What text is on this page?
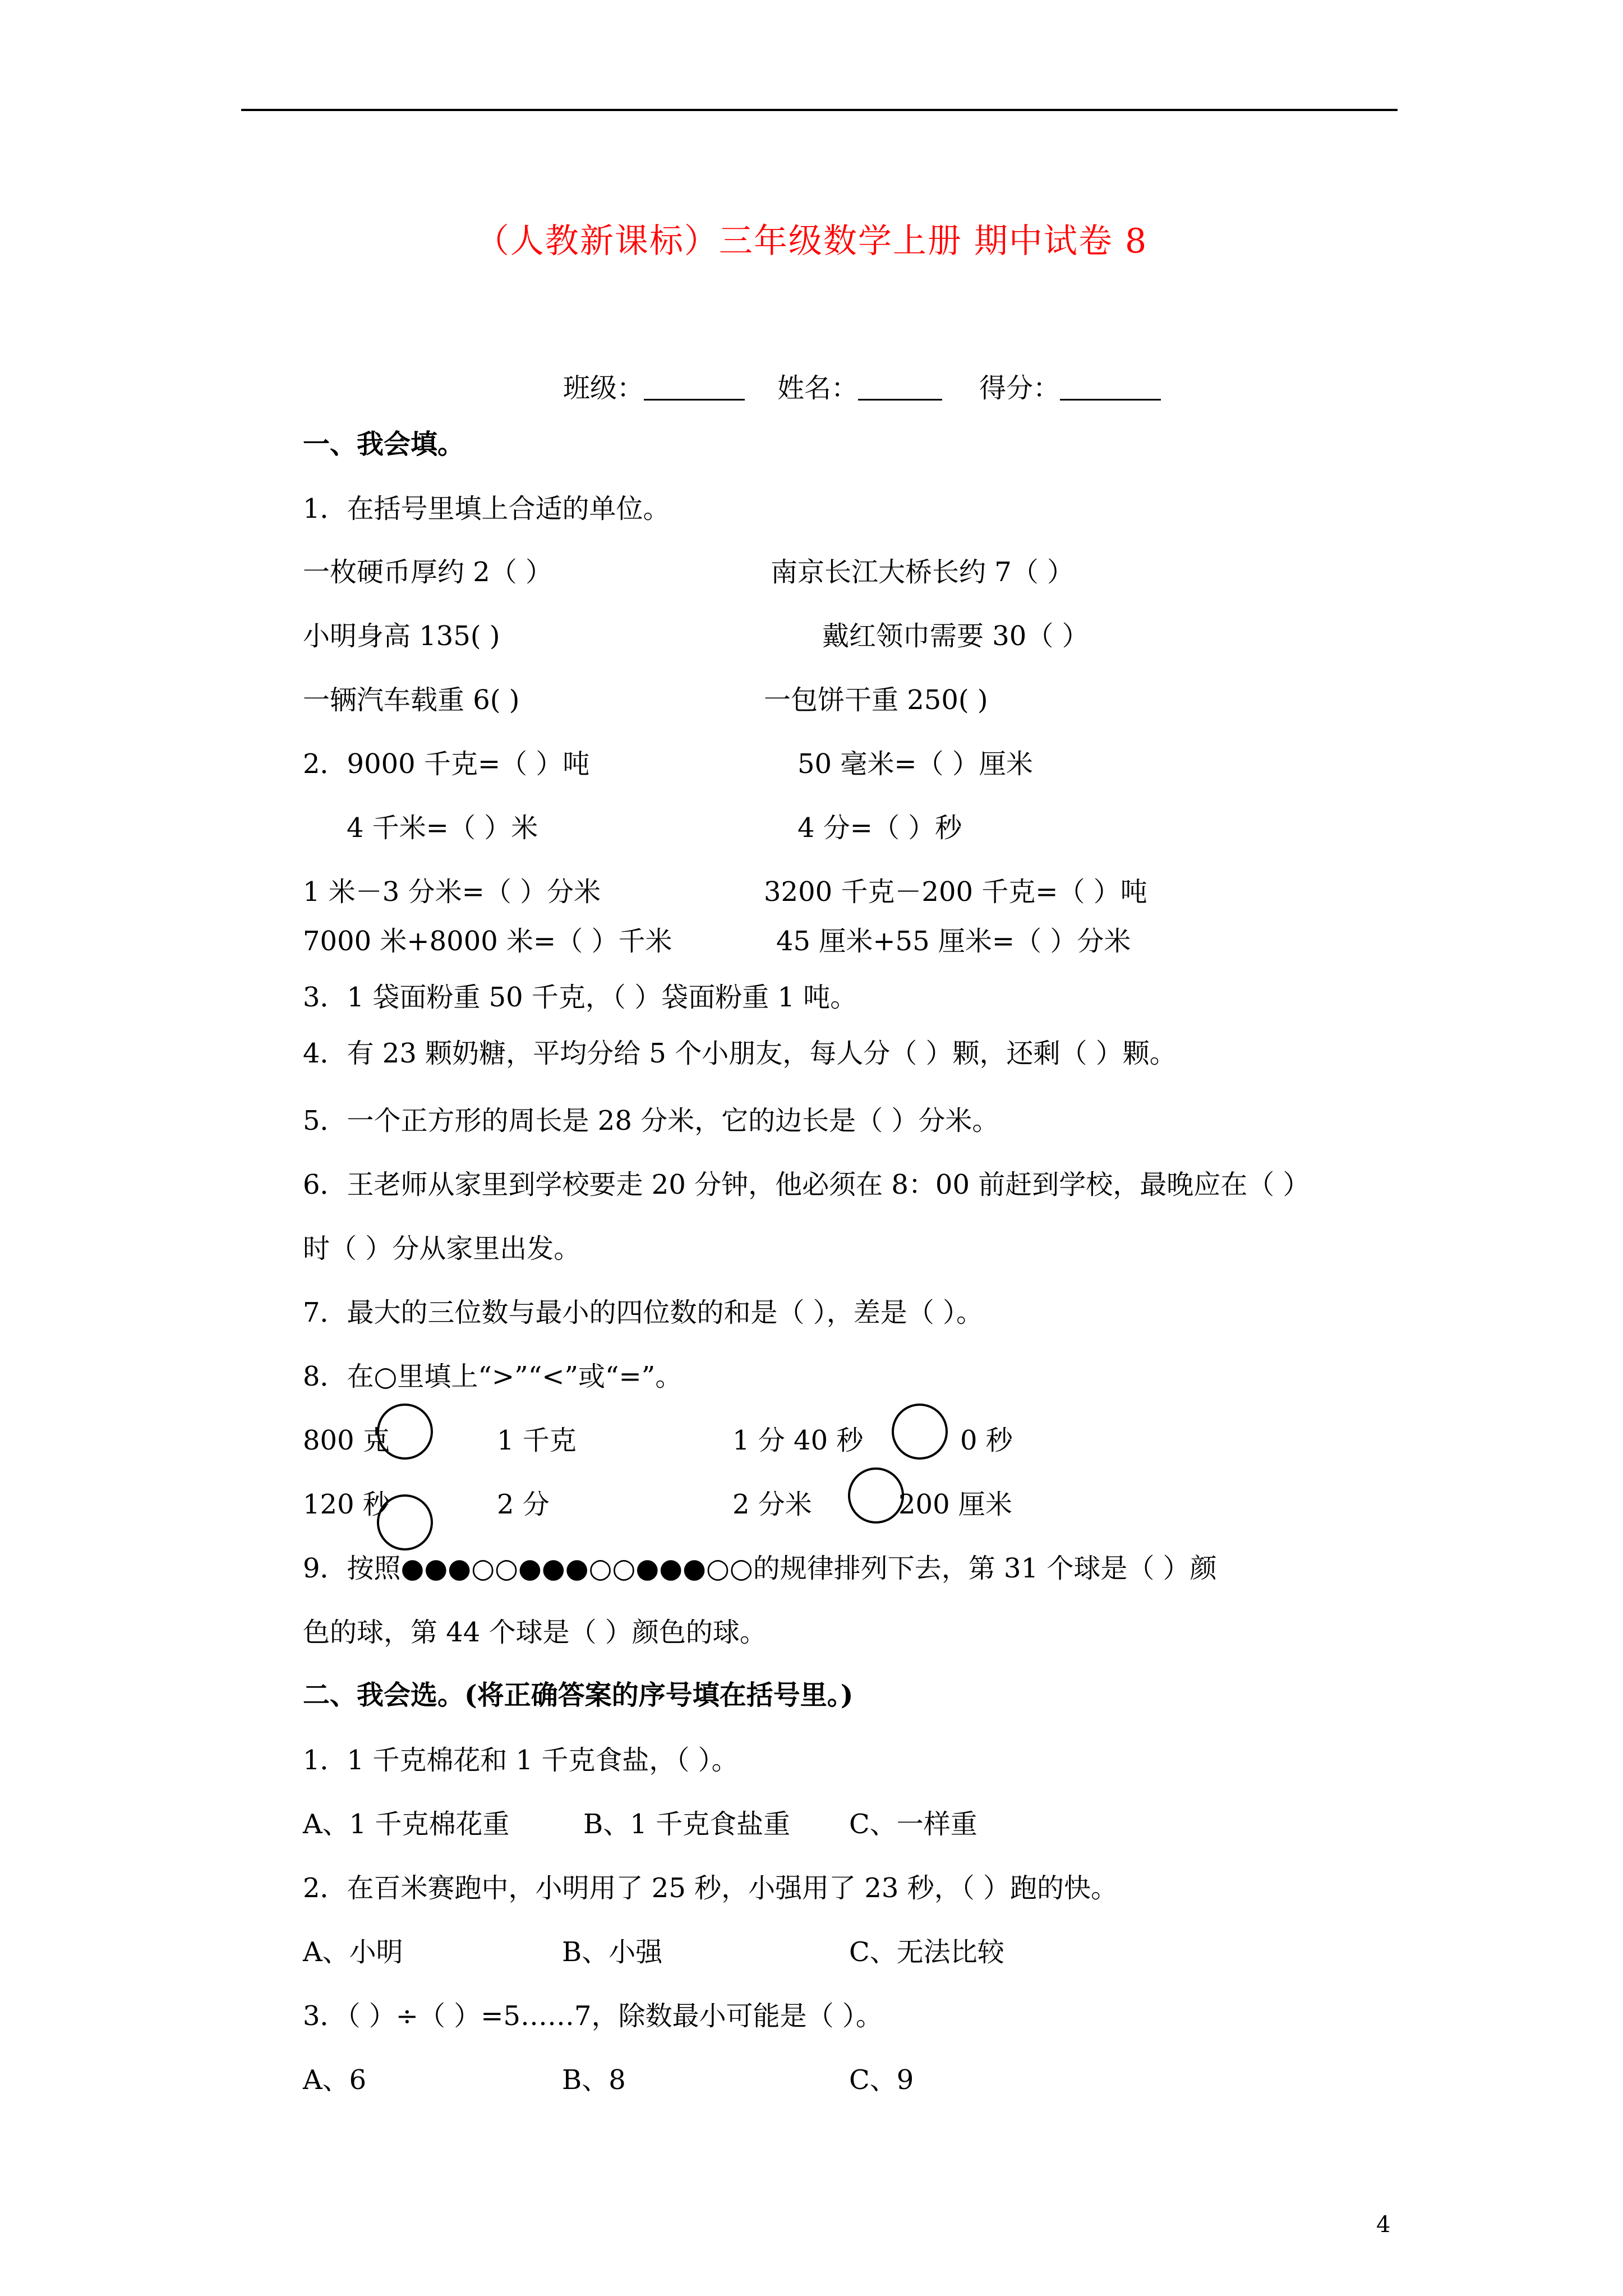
（人教新课标）三年级数学上册 期中试卷 8
班级：	姓名：	得分：
一、我会填。
1．在括号里填上合适的单位。
一枚硬币厚约 2（ ）	南京长江大桥长约 7（ ）
小明身高 135( )	戴红领巾需要 30（ ）
一辆汽车载重 6( )	一包饼干重 250( )
2．9000 千克=（ ）吨	50 毫米=（ ）厘米
4 千米=（ ）米	4 分=（ ）秒
1 米－3 分米=（ ）分米	3200 千克－200 千克=（ ）吨
7000 米+8000 米=（ ）千米	45 厘米+55 厘米=（ ）分米
3．1 袋面粉重 50 千克，（ ）袋面粉重 1 吨。
4．有 23 颗奶糖，平均分给 5 个小朋友，每人分（ ）颗，还剩（ ）颗。
5．一个正方形的周长是 28 分米，它的边长是（ ）分米。
6．王老师从家里到学校要走 20 分钟，他必须在 8：00 前赶到学校，最晚应在（ ）
时（ ）分从家里出发。
7．最大的三位数与最小的四位数的和是（ ），差是（ ）。
8．在○里填上“>”“<”或“=”。
800 克	1 千克	1 分 40 秒	0 秒
120 秒	2 分	2 分米	200 厘米
9．按照●●●○○●●●○○●●●○○的规律排列下去，第 31 个球是（ ）颜
色的球，第 44 个球是（ ）颜色的球。
二、我会选。(将正确答案的序号填在括号里。)
1．1 千克棉花和 1 千克食盐，（ ）。
A、1 千克棉花重	B、1 千克食盐重 C、一样重
2．在百米赛跑中，小明用了 25 秒，小强用了 23 秒，（ ）跑的快。
A、小明	B、小强	C、无法比较
3．（ ）÷（ ）=5……7，除数最小可能是（ ）。
A、6	B、8	C、9
4
